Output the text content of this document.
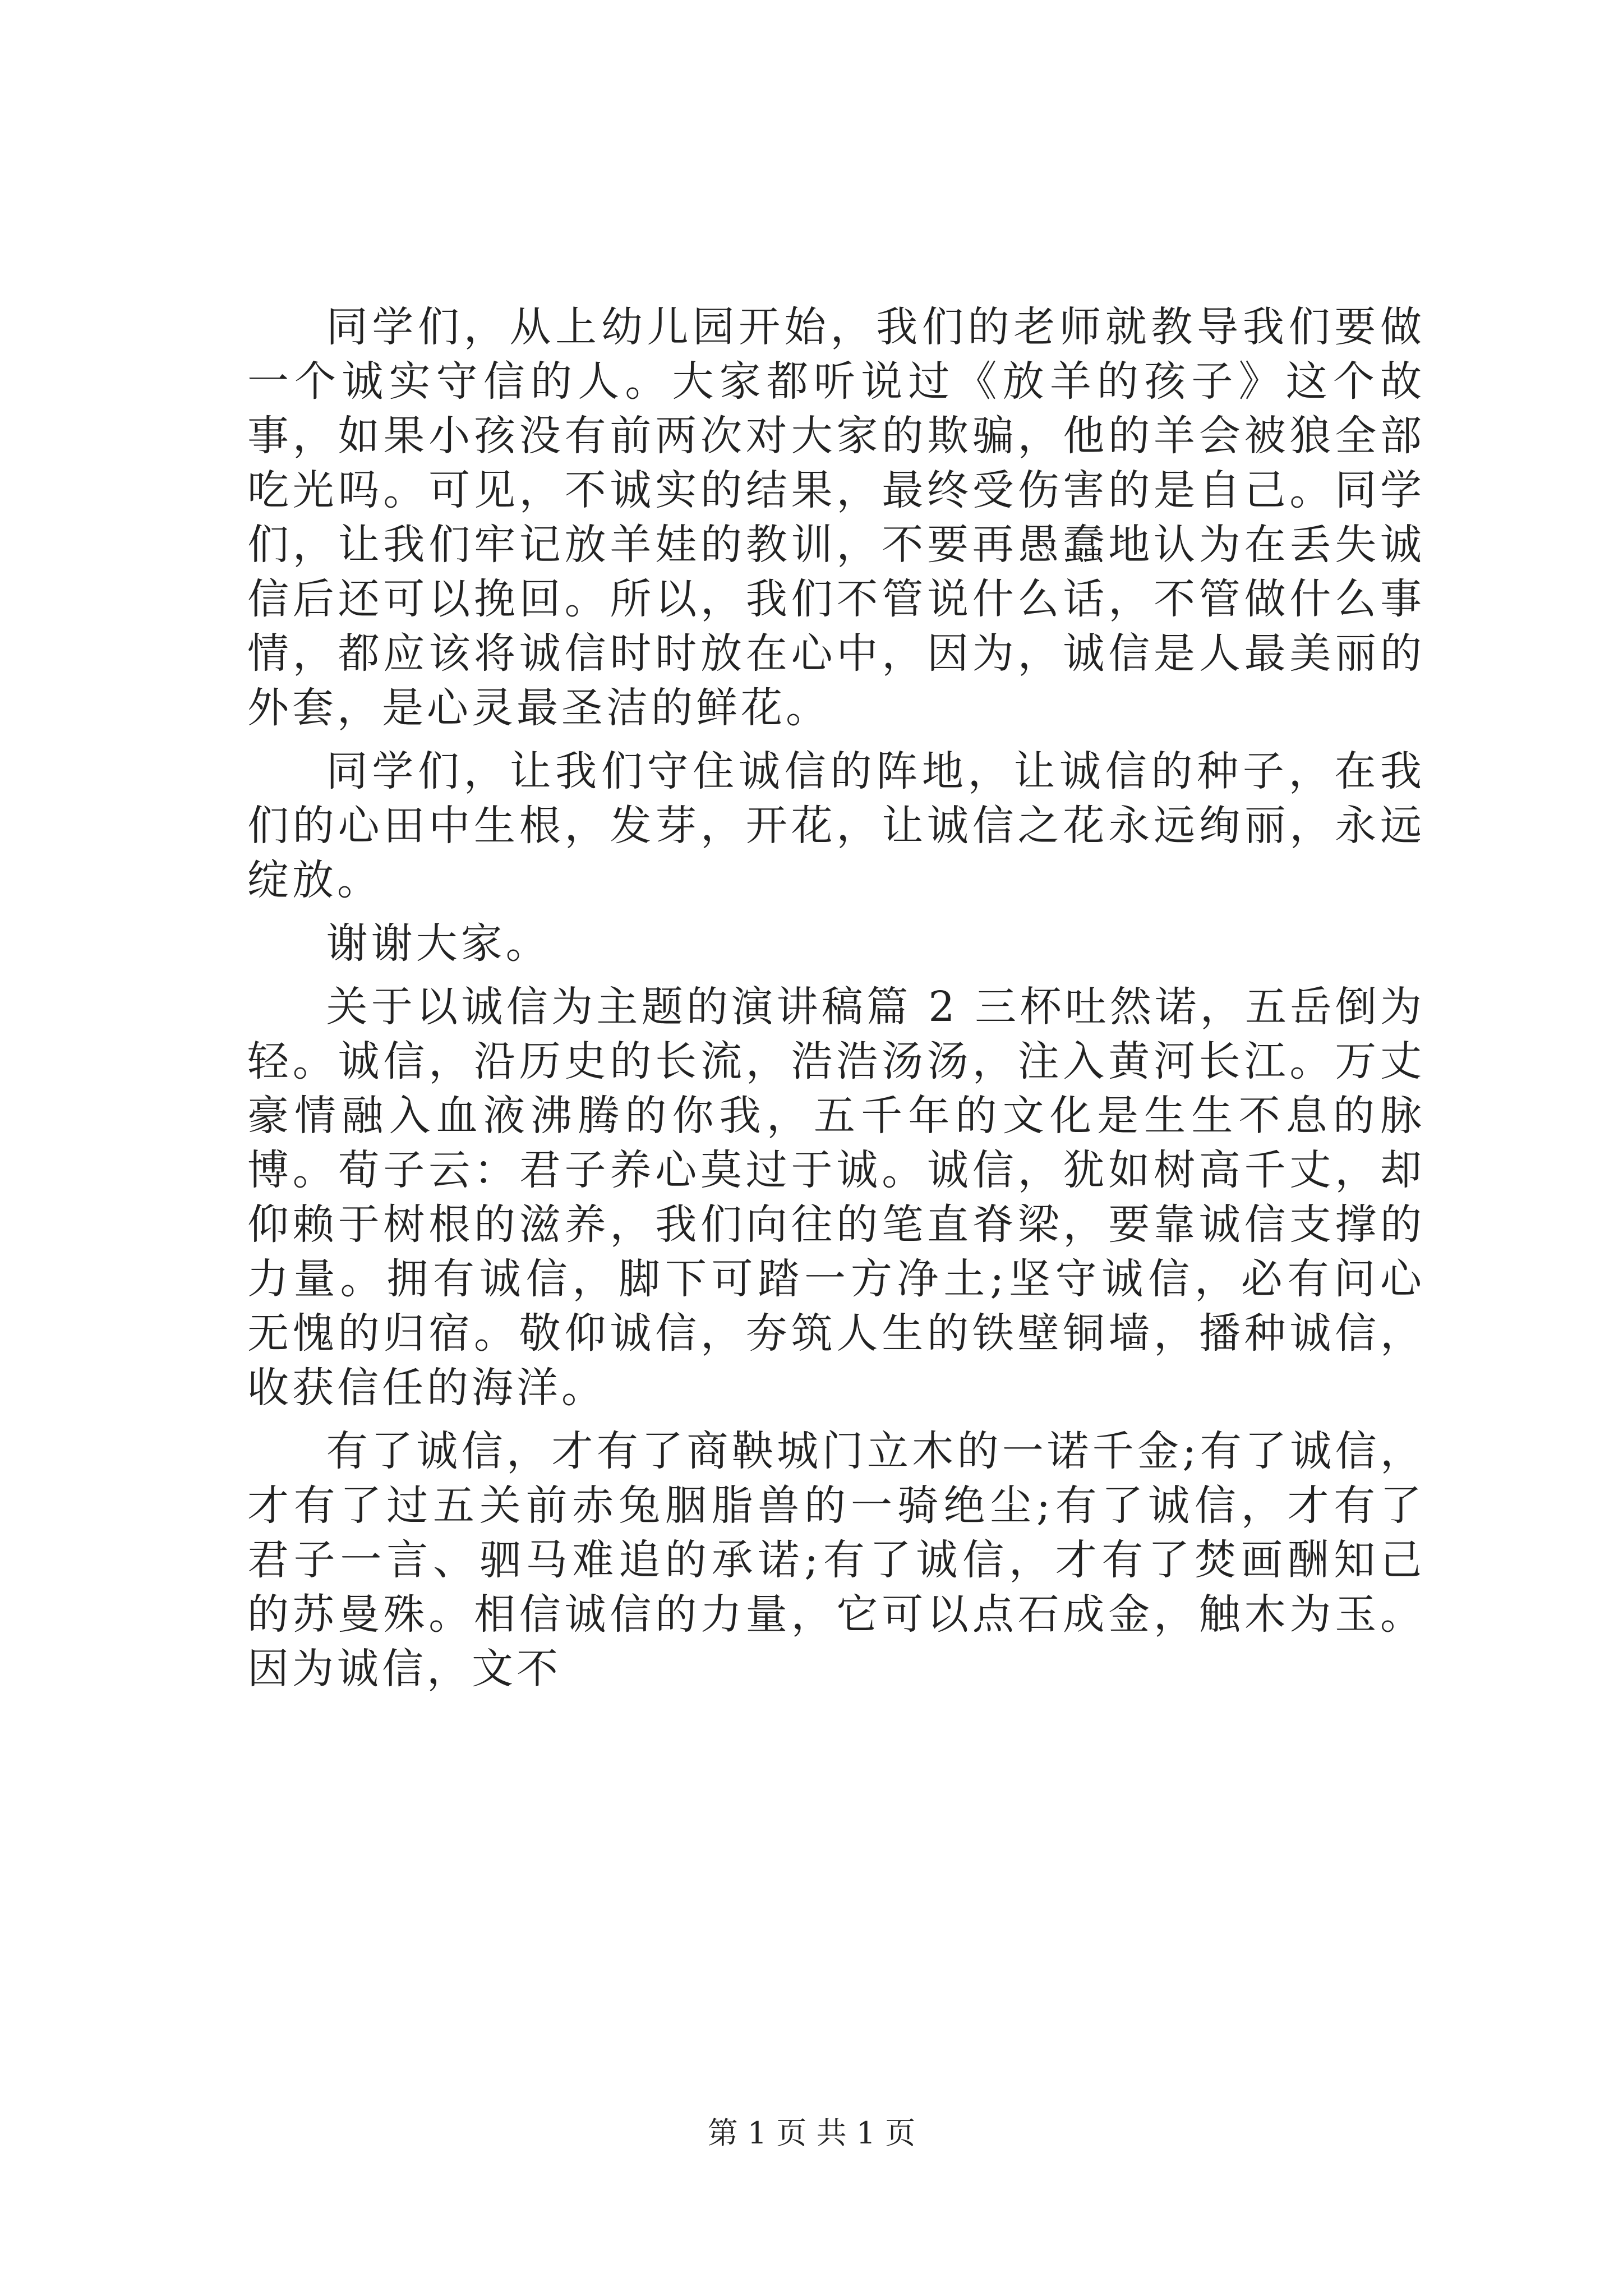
同学们，从上幼儿园开始，我们的老师就教导我们要做一个诚实守信的人。大家都听说过《放羊的孩子》这个故事，如果小孩没有前两次对大家的欺骗，他的羊会被狼全部吃光吗。可见，不诚实的结果，最终受伤害的是自己。同学们，让我们牢记放羊娃的教训，不要再愚蠢地认为在丢失诚信后还可以挽回。所以，我们不管说什么话，不管做什么事情，都应该将诚信时时放在心中，因为，诚信是人最美丽的外套，是心灵最圣洁的鲜花。

同学们，让我们守住诚信的阵地，让诚信的种子，在我们的心田中生根，发芽，开花，让诚信之花永远绚丽，永远绽放。

谢谢大家。

关于以诚信为主题的演讲稿篇 2 三杯吐然诺，五岳倒为轻。诚信，沿历史的长流，浩浩汤汤，注入黄河长江。万丈豪情融入血液沸腾的你我，五千年的文化是生生不息的脉博。荀子云：君子养心莫过于诚。诚信，犹如树高千丈，却仰赖于树根的滋养，我们向往的笔直脊梁，要靠诚信支撑的力量。拥有诚信，脚下可踏一方净土;坚守诚信，必有问心无愧的归宿。敬仰诚信，夯筑人生的铁壁铜墙，播种诚信，收获信任的海洋。

有了诚信，才有了商鞅城门立木的一诺千金;有了诚信，才有了过五关前赤兔胭脂兽的一骑绝尘;有了诚信，才有了君子一言、驷马难追的承诺;有了诚信，才有了焚画酬知己的苏曼殊。相信诚信的力量，它可以点石成金，触木为玉。因为诚信，文不

第 1 页 共 1 页
